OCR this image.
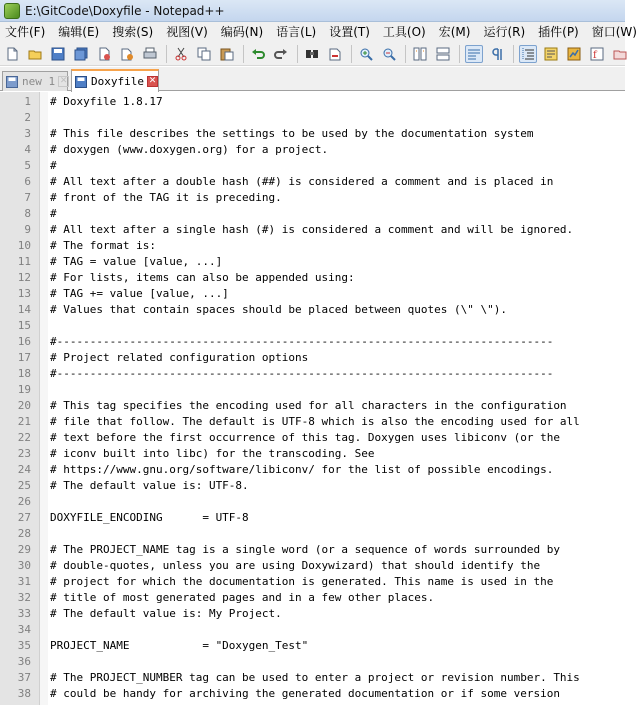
E:\GitCode\Doxyfile - Notepad++
文件(F)	编辑(E)	搜索(S)	视图(V)	编码(N)	语言(L)	设置(T)	工具(O)	宏(M)	运行(R)	插件(P)	窗口(W)
f
new 1 ✕ Doxyfile ✕
1 # Doxyfile 1.8.17
2
3 # This file describes the settings to be used by the documentation system
4 # doxygen (www.doxygen.org) for a project.
5 #
6 # All text after a double hash (##) is considered a comment and is placed in
7 # front of the TAG it is preceding.
8 #
9 # All text after a single hash (#) is considered a comment and will be ignored.
10 # The format is:
11 # TAG = value [value, ...]
12 # For lists, items can also be appended using:
13 # TAG += value [value, ...]
14 # Values that contain spaces should be placed between quotes (\" \").
15
16 #---------------------------------------------------------------------------
17 # Project related configuration options
18 #---------------------------------------------------------------------------
19
20 # This tag specifies the encoding used for all characters in the configuration
21 # file that follow. The default is UTF-8 which is also the encoding used for all
22 # text before the first occurrence of this tag. Doxygen uses libiconv (or the
23 # iconv built into libc) for the transcoding. See
24 # https://www.gnu.org/software/libiconv/ for the list of possible encodings.
25 # The default value is: UTF-8.
26
27 DOXYFILE_ENCODING      = UTF-8
28
29 # The PROJECT_NAME tag is a single word (or a sequence of words surrounded by
30 # double-quotes, unless you are using Doxywizard) that should identify the
31 # project for which the documentation is generated. This name is used in the
32 # title of most generated pages and in a few other places.
33 # The default value is: My Project.
34
35 PROJECT_NAME           = "Doxygen_Test"
36
37 # The PROJECT_NUMBER tag can be used to enter a project or revision number. This
38 # could be handy for archiving the generated documentation or if some version
